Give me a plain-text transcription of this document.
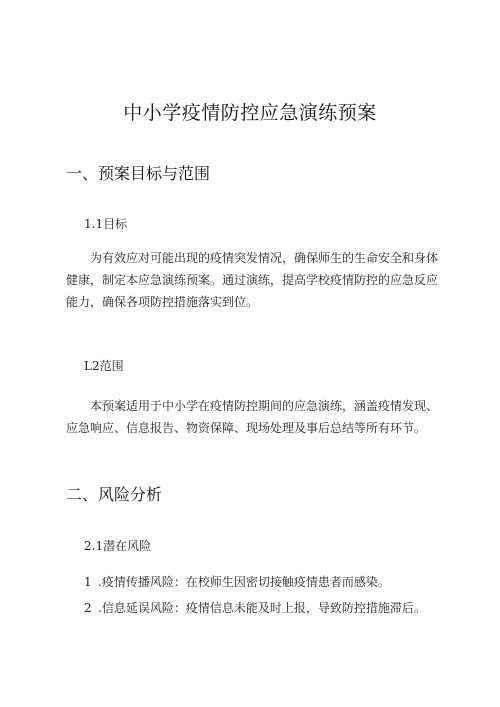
中小学疫情防控应急演练预案
一、预案目标与范围
1.1目标
为有效应对可能出现的疫情突发情况，确保师生的生命安全和身体健康，制定本应急演练预案。通过演练，提高学校疫情防控的应急反应能力，确保各项防控措施落实到位。
L2范围
本预案适用于中小学在疫情防控期间的应急演练，涵盖疫情发现、应急响应、信息报告、物资保障、现场处理及事后总结等所有环节。
二、风险分析
2.1潜在风险
1 .疫情传播风险：在校师生因密切接触疫情患者而感染。
2 .信息延误风险：疫情信息未能及时上报，导致防控措施滞后。
